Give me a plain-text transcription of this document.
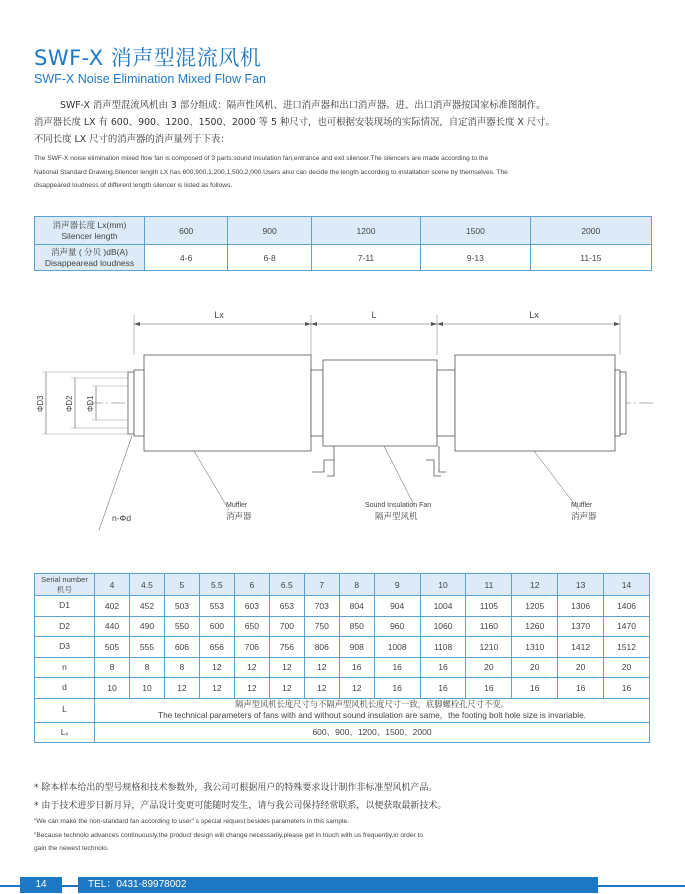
SWF-X 消声型混流风机
SWF-X Noise Elimination Mixed Flow Fan

SWF-X 消声型混流风机由 3 部分组成：隔声性风机、进口消声器和出口消声器。进、出口消声器按国家标准图制作。

消声器长度 LX 有 600、900、1200、1500、2000 等 5 种尺寸，也可根据安装现场的实际情况，自定消声器长度 X 尺寸。

不同长度 LX 尺寸的消声器的消声量列于下表：

The SWF-X noise elimination mixed flow fan is composed of 3 parts:sound insulation fan,entrance and exit silencer.The silencers are made according to the
National Standard Drawing.Silencer length LX has 600,900,1,200,1,500,2,000.Users also can decide the length according to installation scene by themselves. The
disappeared loudness of different length silencer is listed as follows.
消声器长度 Lx(mm)
Silencer length	600	900	1200	1500	2000

消声量 ( 分贝 )dB(A)
Disappearead loudness	4-6	6-8	7-11	9-13	11-15
Lx	L	Lx
ΦD3	ΦD2 ΦD1
n-Φd
Muffler
消声器
Sound Insulation Fan
隔声型风机
Muffler
消声器
Serial number
机号	4	4.5	5	5.5	6	6.5	7	8	9	10	11	12	13	14
D1	402	452	503	553	603	653	703	804	904	1004	1105	1205	1306	1406
D2	440	490	550	600	650	700	750	850	960	1060	1160	1260	1370	1470
D3	505	555	606	656	706	756	806	908	1008	1108	1210	1310	1412	1512
n	8	8	8	12	12	12	12	16	16	16	20	20	20	20
d	10	10	12	12	12	12	12	12	16	16	16	16	16	16
L	隔声型风机长度尺寸与不隔声型风机长度尺寸一致，底脚螺栓孔尺寸不变。
The technical parameters of fans with and without sound insulation are same，the footing bolt hole size is invariable.													

Lₓ	600、900、1200、1500、2000													
* 除本样本给出的型号规格和技术参数外，我公司可根据用户的特殊要求设计制作非标准型风机产品。
* 由于技术进步日新月异，产品设计变更可能随时发生，请与我公司保持经常联系，以便获取最新技术。
"We can make the non-standard fan according to user" s special request besides parameters in this sample.
"Because technolo advances continuously,the product design will change necessarily,please get in touch with us frequently,in order to
gain the newest technolo.
14	TEL：0431-89978002
